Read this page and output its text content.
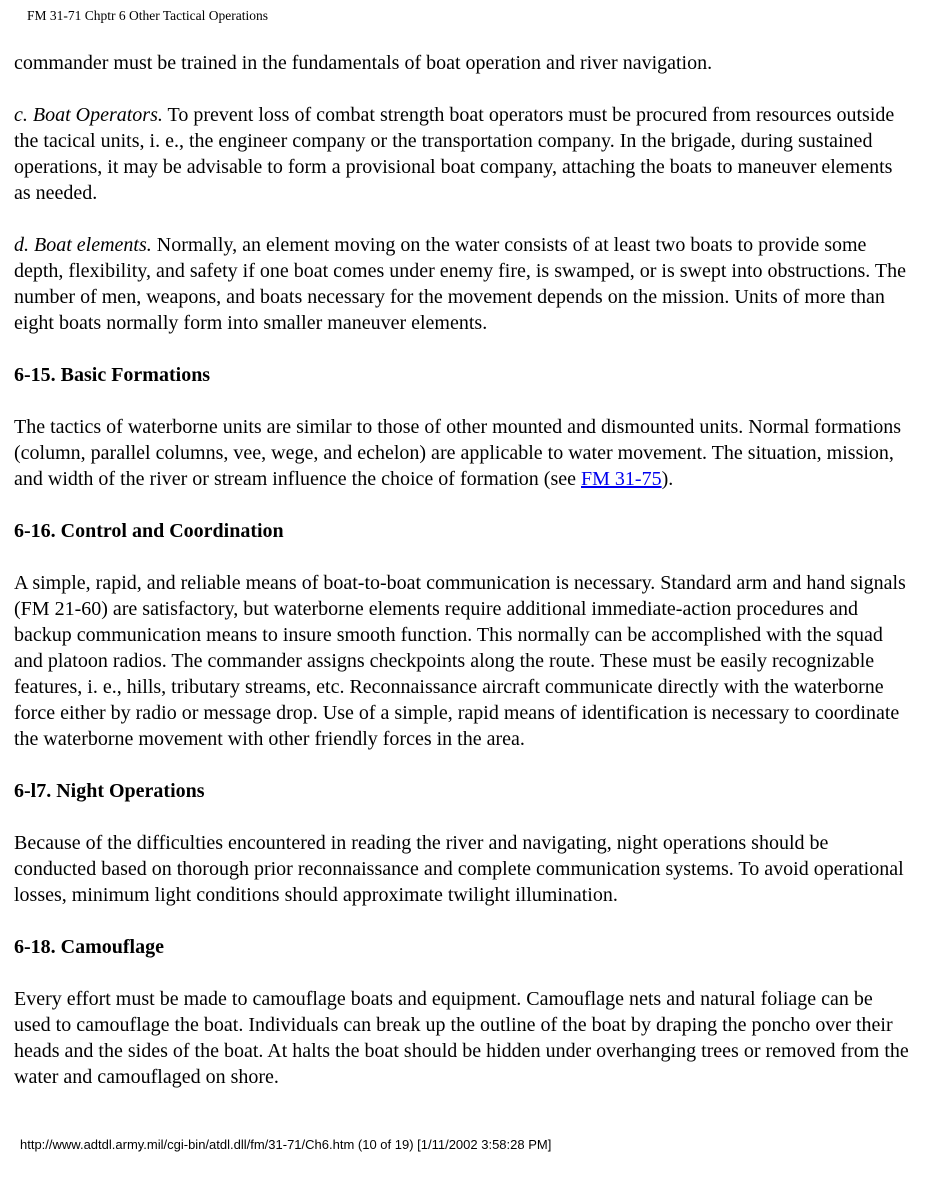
FM 31-71 Chptr 6 Other Tactical Operations

commander must be trained in the fundamentals of boat operation and river navigation.

c. Boat Operators. To prevent loss of combat strength boat operators must be procured from resources outside the tacical units, i. e., the engineer company or the transportation company. In the brigade, during sustained operations, it may be advisable to form a provisional boat company, attaching the boats to maneuver elements as needed.

d. Boat elements. Normally, an element moving on the water consists of at least two boats to provide some depth, flexibility, and safety if one boat comes under enemy fire, is swamped, or is swept into obstructions. The number of men, weapons, and boats necessary for the movement depends on the mission. Units of more than eight boats normally form into smaller maneuver elements.

6-15. Basic Formations

The tactics of waterborne units are similar to those of other mounted and dismounted units. Normal formations (column, parallel columns, vee, wege, and echelon) are applicable to water movement. The situation, mission, and width of the river or stream influence the choice of formation (see FM 31-75).

6-16. Control and Coordination

A simple, rapid, and reliable means of boat-to-boat communication is necessary. Standard arm and hand signals (FM 21-60) are satisfactory, but waterborne elements require additional immediate-action procedures and backup communication means to insure smooth function. This normally can be accomplished with the squad and platoon radios. The commander assigns checkpoints along the route. These must be easily recognizable features, i. e., hills, tributary streams, etc. Reconnaissance aircraft communicate directly with the waterborne force either by radio or message drop. Use of a simple, rapid means of identification is necessary to coordinate the waterborne movement with other friendly forces in the area.

6-l7. Night Operations

Because of the difficulties encountered in reading the river and navigating, night operations should be conducted based on thorough prior reconnaissance and complete communication systems. To avoid operational losses, minimum light conditions should approximate twilight illumination.

6-18. Camouflage

Every effort must be made to camouflage boats and equipment. Camouflage nets and natural foliage can be used to camouflage the boat. Individuals can break up the outline of the boat by draping the poncho over their heads and the sides of the boat. At halts the boat should be hidden under overhanging trees or removed from the water and camouflaged on shore.

http://www.adtdl.army.mil/cgi-bin/atdl.dll/fm/31-71/Ch6.htm (10 of 19) [1/11/2002 3:58:28 PM]
